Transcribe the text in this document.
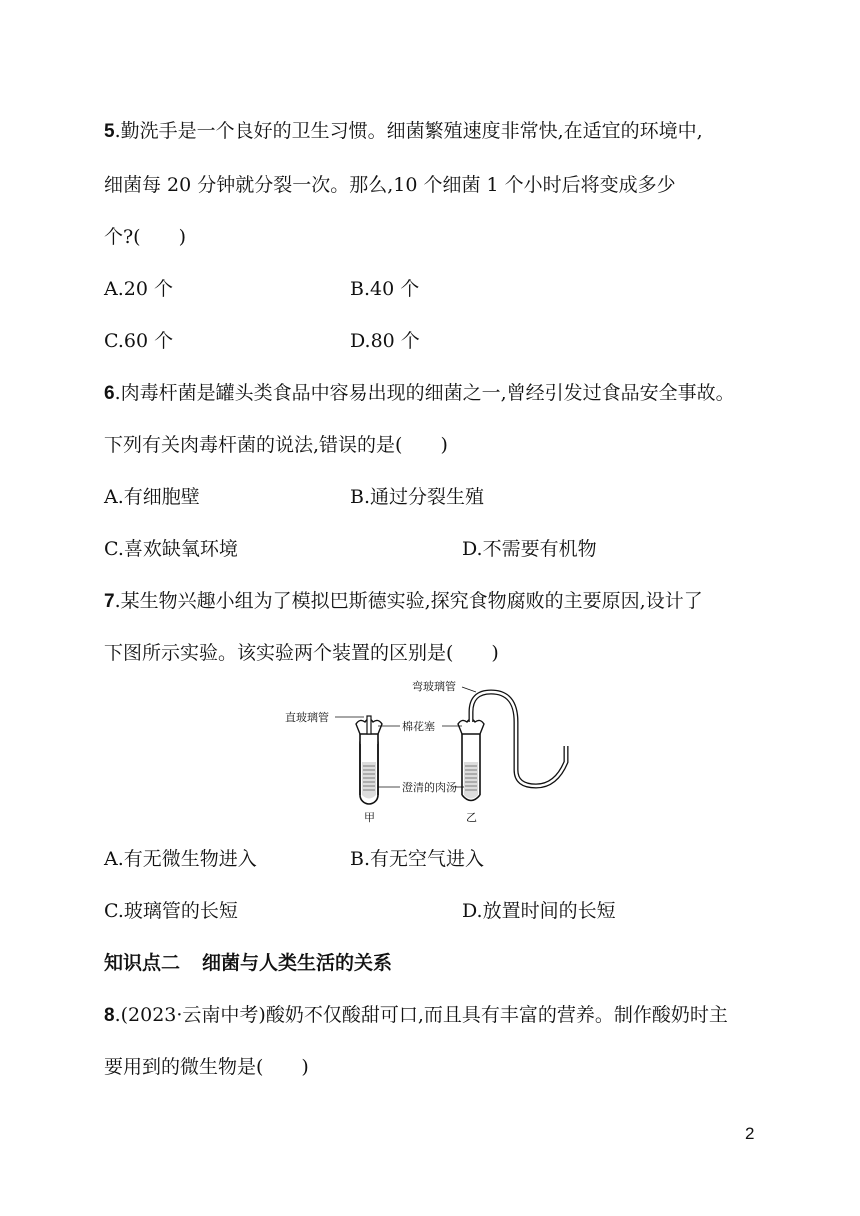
5.勤洗手是一个良好的卫生习惯。细菌繁殖速度非常快,在适宜的环境中,
细菌每 20 分钟就分裂一次。那么,10 个细菌 1 个小时后将变成多少
个?(　　)
A.20 个	B.40 个
C.60 个	D.80 个
6.肉毒杆菌是罐头类食品中容易出现的细菌之一,曾经引发过食品安全事故。
下列有关肉毒杆菌的说法,错误的是(　　)
A.有细胞壁	B.通过分裂生殖
C.喜欢缺氧环境	D.不需要有机物
7.某生物兴趣小组为了模拟巴斯德实验,探究食物腐败的主要原因,设计了
下图所示实验。该实验两个装置的区别是(　　)
弯玻璃管
直玻璃管
棉花塞
澄清的肉汤
甲	乙
A.有无微生物进入	B.有无空气进入
C.玻璃管的长短	D.放置时间的长短
知识点二 细菌与人类生活的关系
8.(2023·云南中考)酸奶不仅酸甜可口,而且具有丰富的营养。制作酸奶时主
要用到的微生物是(　　)
2
